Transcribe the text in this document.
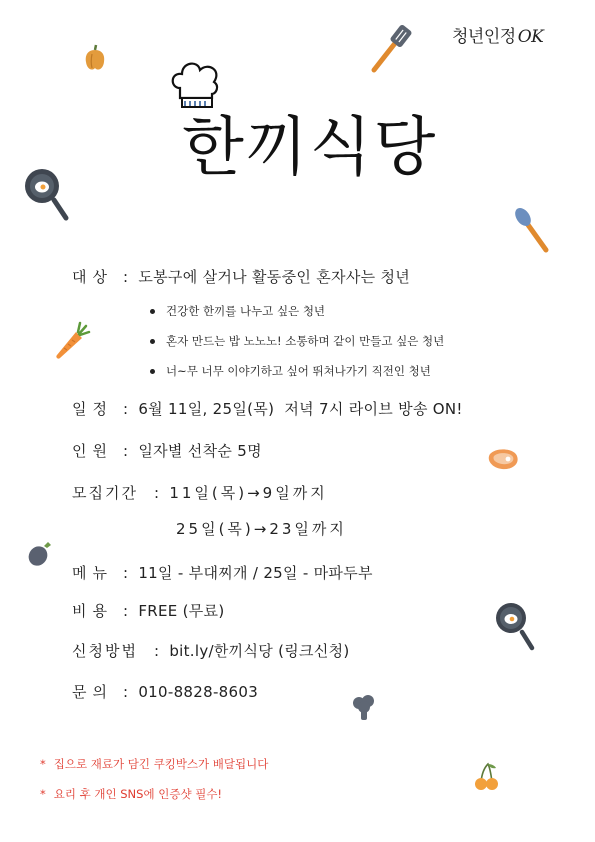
청년인정 OK
한끼식당
대상 : 도봉구에 살거나 활동중인 혼자사는 청년
건강한 한끼를 나누고 싶은 청년
혼자 만드는 밥 노노노! 소통하며 같이 만들고 싶은 청년
너~무 너무 이야기하고 싶어 뛰쳐나가기 직전인 청년
일정 : 6월 11일, 25일(목)  저녁 7시 라이브 방송 ON!
인원 : 일자별 선착순 5명
모집기간 : 11일(목)→9일까지
25일(목)→23일까지
메뉴 : 11일 - 부대찌개 / 25일 - 마파두부
비용 : FREE (무료)
신청방법 : bit.ly/한끼식당 (링크신청)
문의 : 010-8828-8603
* 집으로 재료가 담긴 쿠킹박스가 배달됩니다
* 요리 후 개인 SNS에 인증샷 필수!
